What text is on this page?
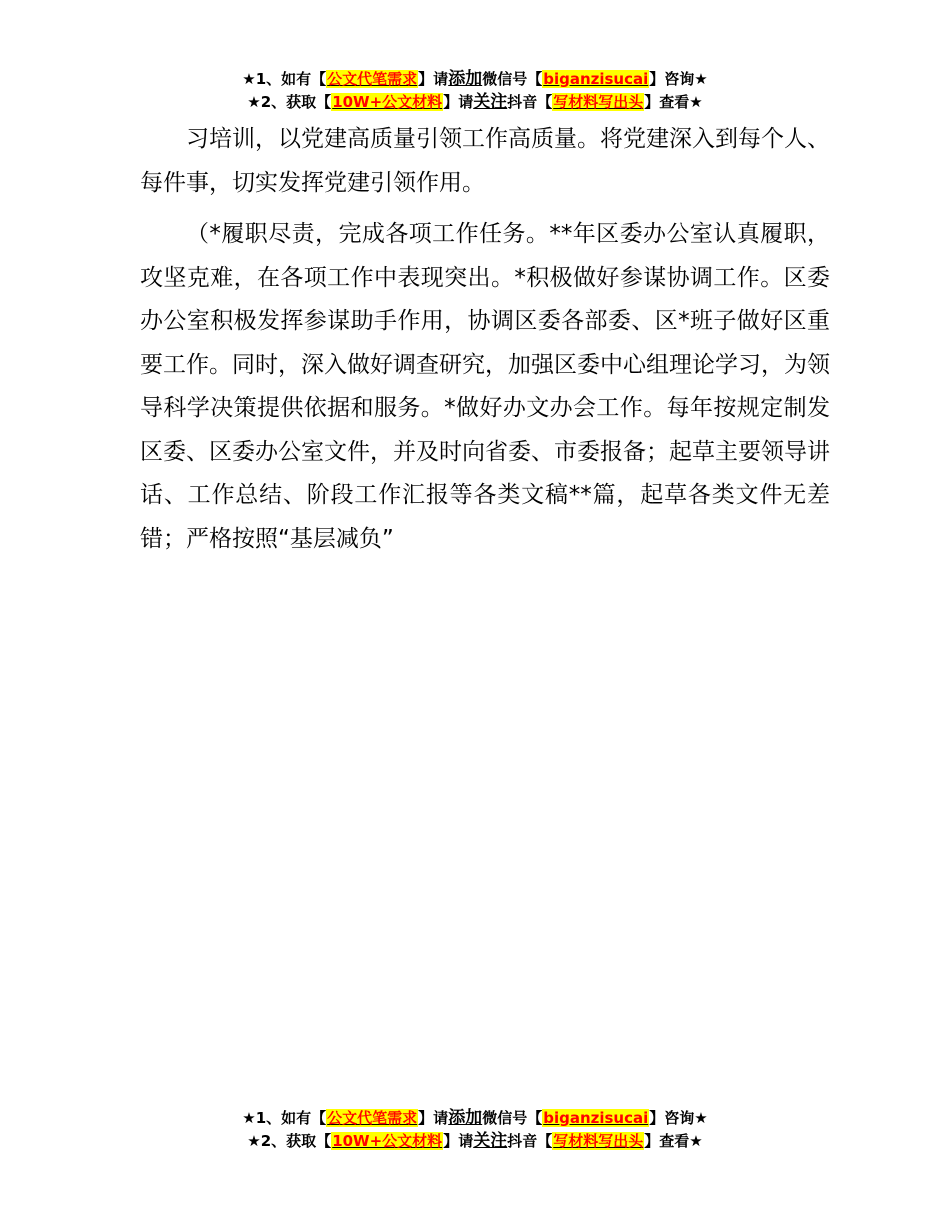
★1、如有【公文代笔需求】请添加微信号【biganzisucai】咨询★
★2、获取【10W+公文材料】请关注抖音【写材料写出头】查看★

习培训，以党建高质量引领工作高质量。将党建深入到每个人、每件事，切实发挥党建引领作用。

（*履职尽责，完成各项工作任务。**年区委办公室认真履职，攻坚克难，在各项工作中表现突出。*积极做好参谋协调工作。区委办公室积极发挥参谋助手作用，协调区委各部委、区*班子做好区重要工作。同时，深入做好调查研究，加强区委中心组理论学习，为领导科学决策提供依据和服务。*做好办文办会工作。每年按规定制发区委、区委办公室文件，并及时向省委、市委报备；起草主要领导讲话、工作总结、阶段工作汇报等各类文稿**篇，起草各类文件无差错；严格按照“基层减负”

★1、如有【公文代笔需求】请添加微信号【biganzisucai】咨询★
★2、获取【10W+公文材料】请关注抖音【写材料写出头】查看★
